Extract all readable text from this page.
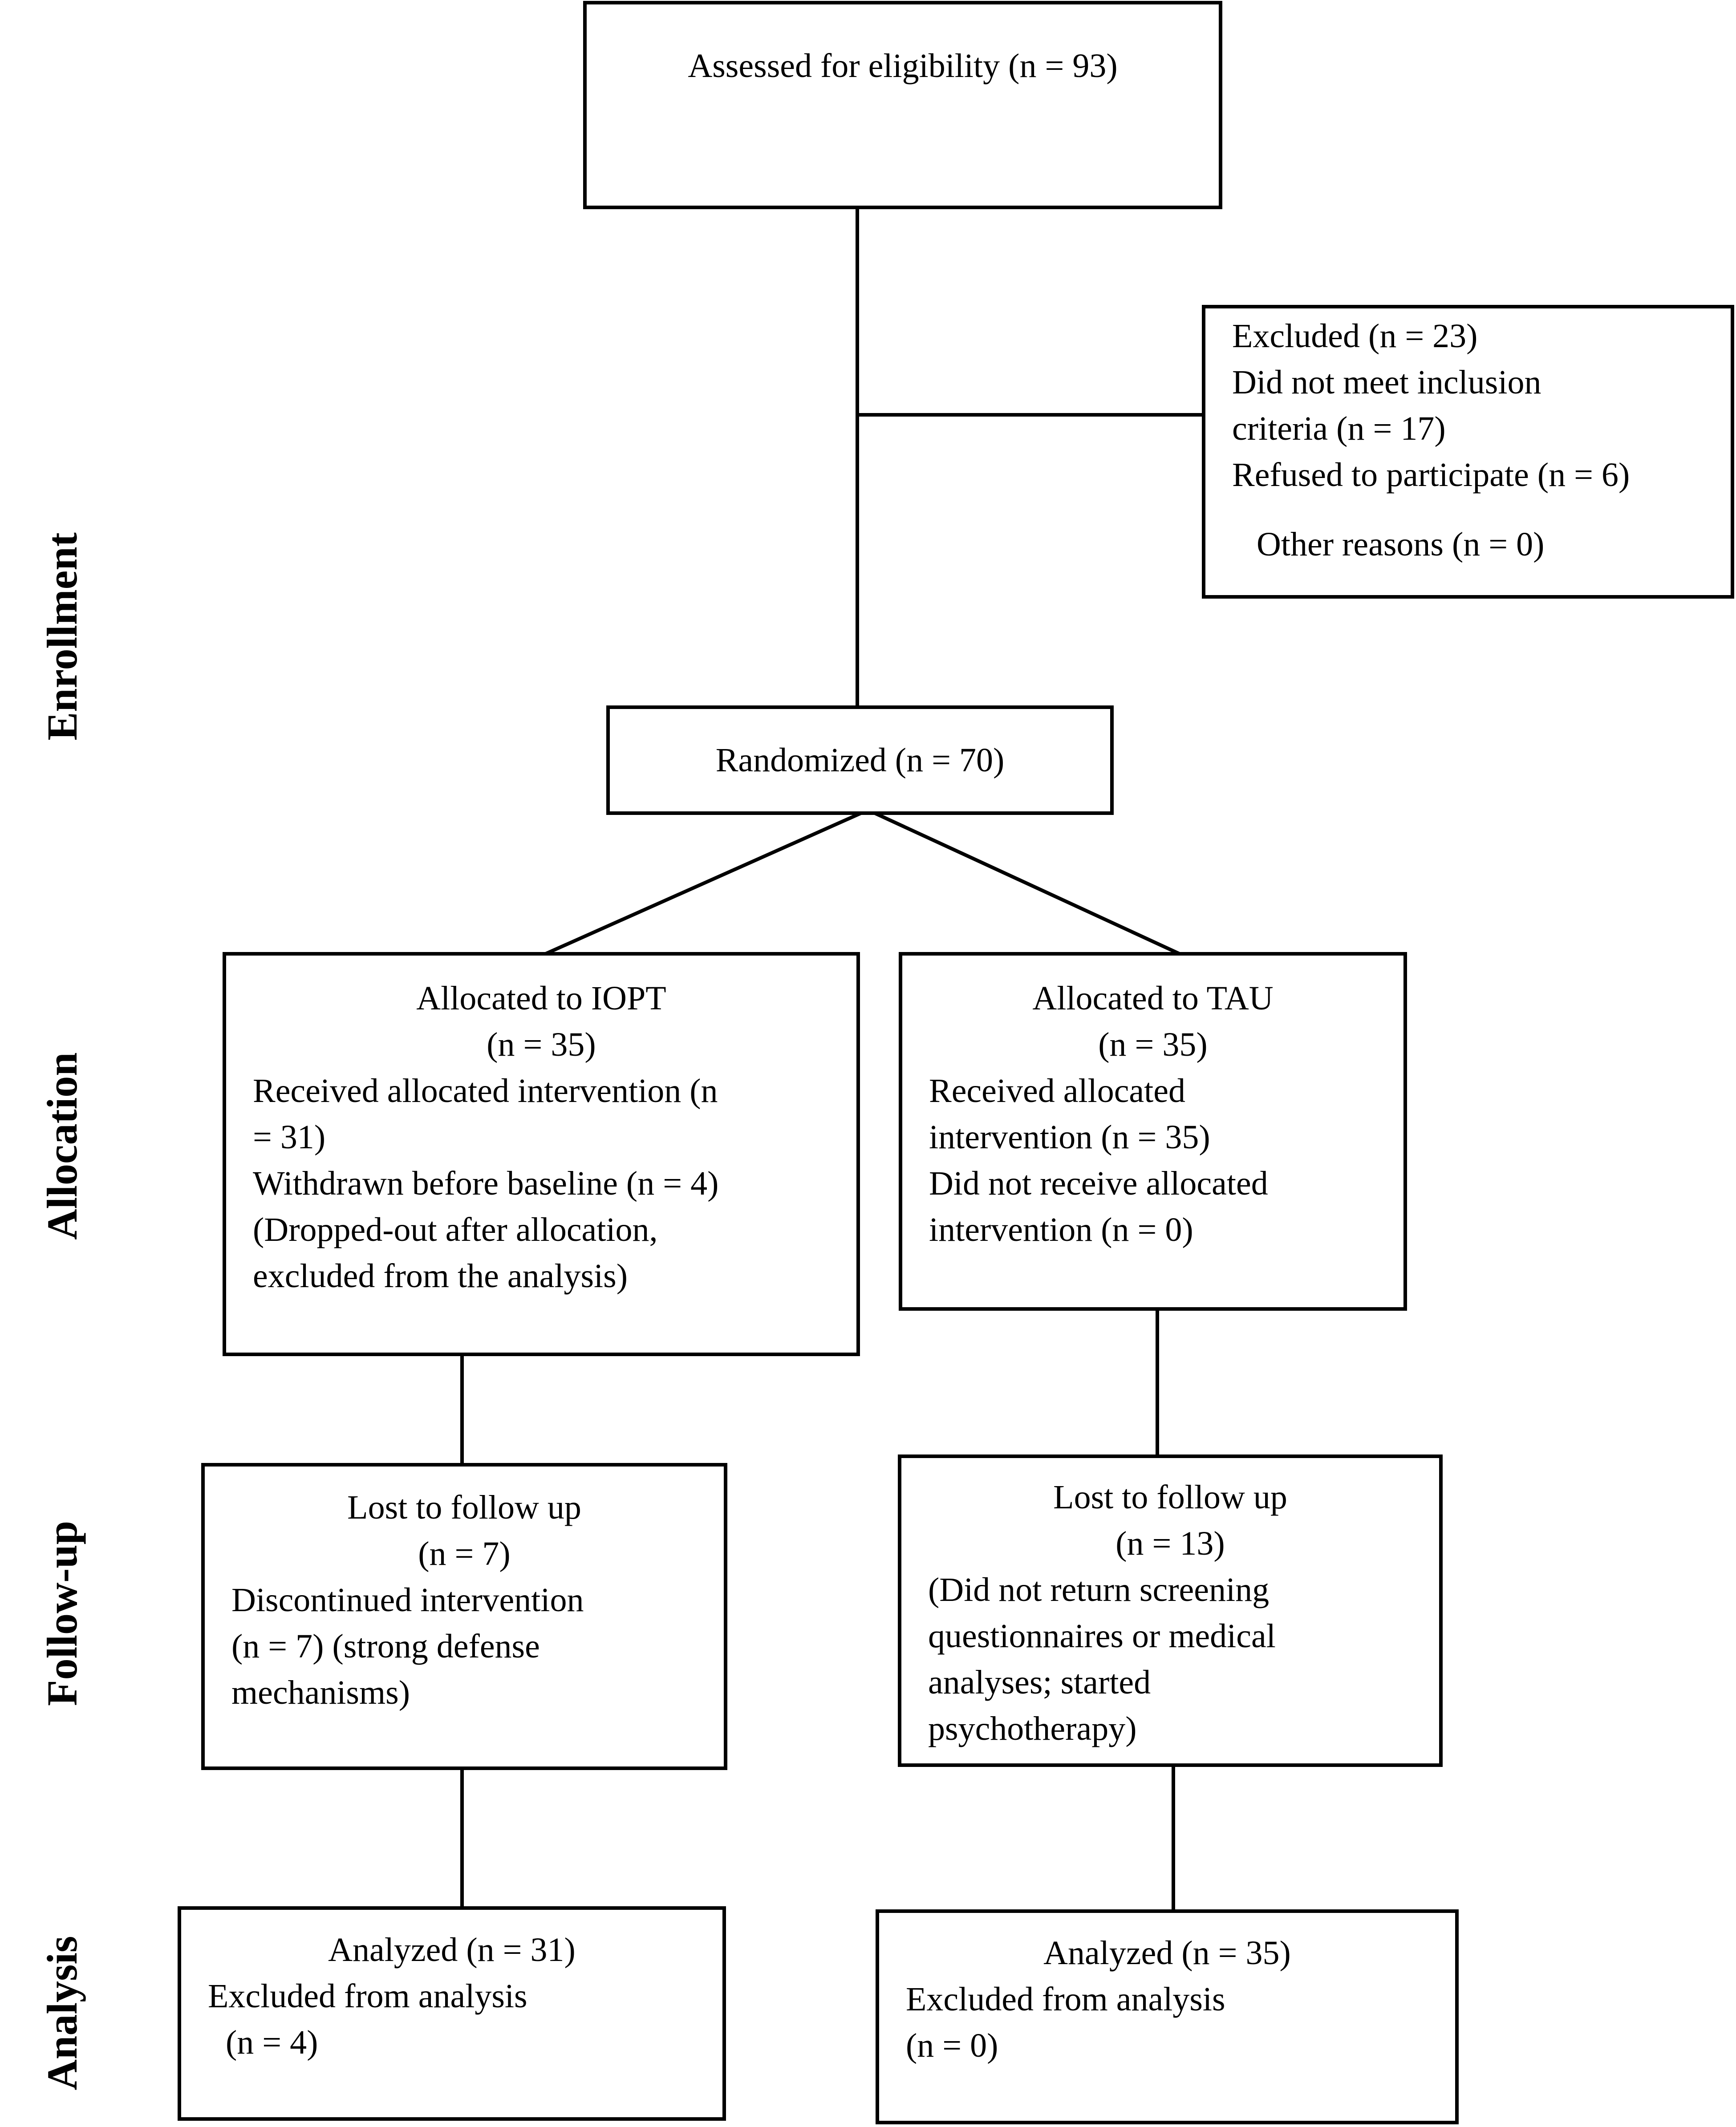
Enrollment
Allocation
Follow-up
Analysis
Assessed for eligibility (n = 93)
Excluded (n = 23)
Did not meet inclusion
criteria (n = 17)
Refused to participate (n = 6)
Other reasons (n = 0)
Randomized (n = 70)
Allocated to IOPT
(n = 35)
Received allocated intervention (n
= 31)
Withdrawn before baseline (n = 4)
(Dropped-out after allocation,
excluded from the analysis)
Allocated to TAU
(n = 35)
Received allocated
intervention (n = 35)
Did not receive allocated
intervention (n = 0)
Lost to follow up
(n = 7)
Discontinued intervention
(n = 7) (strong defense
mechanisms)
Lost to follow up
(n = 13)
(Did not return screening
questionnaires or medical
analyses; started
psychotherapy)
Analyzed (n = 31)
Excluded from analysis
(n = 4)
Analyzed (n = 35)
Excluded from analysis
(n = 0)
